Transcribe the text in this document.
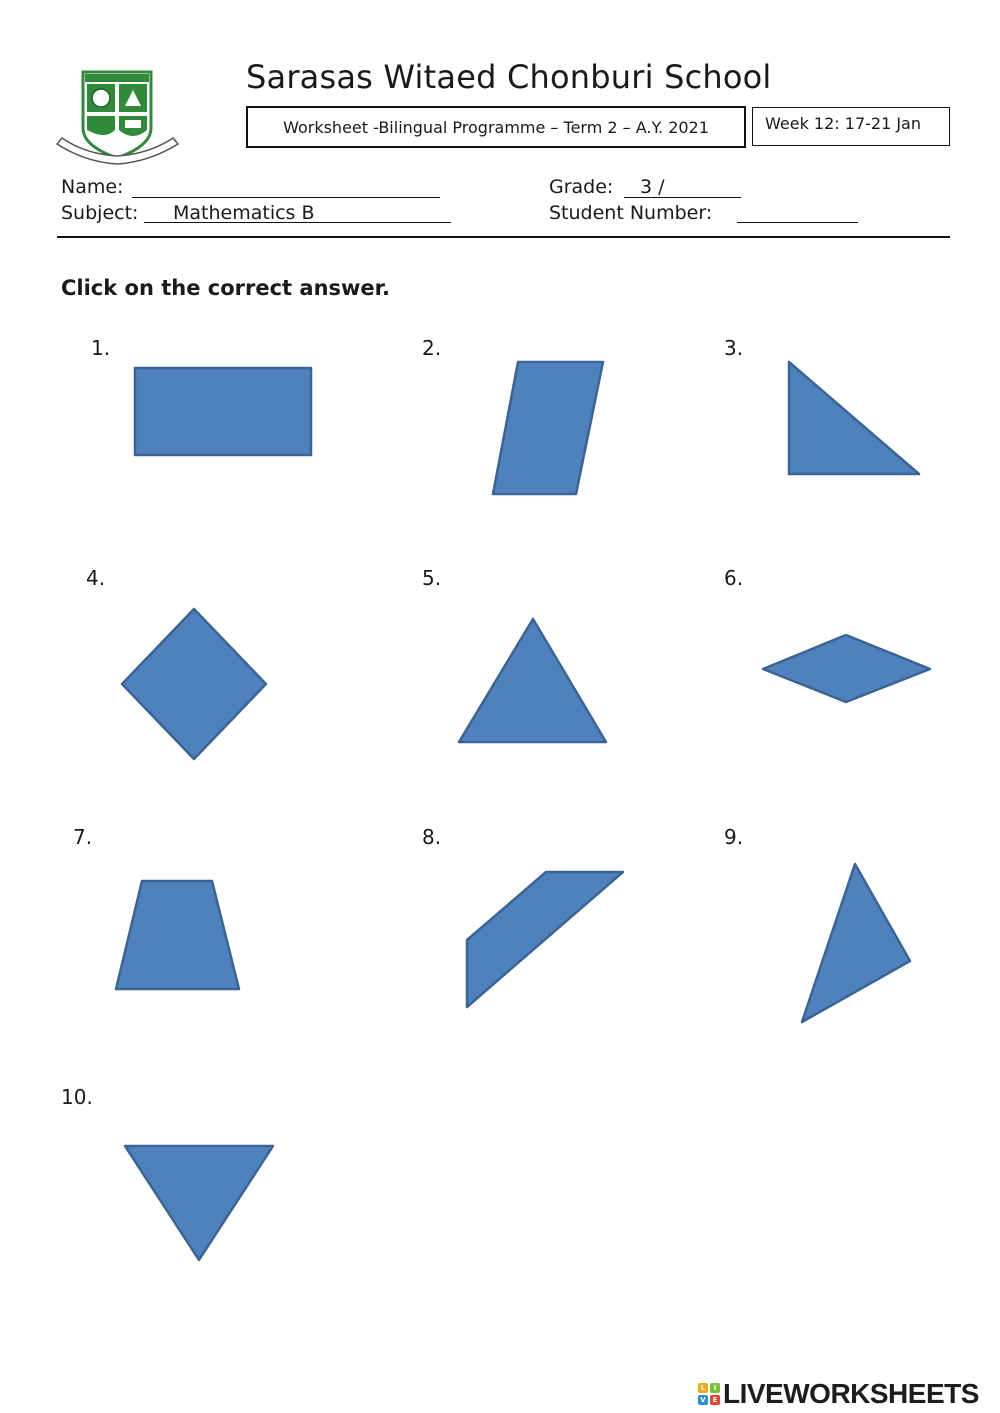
Sarasas Witaed Chonburi School
Worksheet -Bilingual Programme – Term 2 – A.Y. 2021	Week 12: 17-21 Jan
Name:
Subject: Mathematics B
Grade: 3 /
Student Number:
Click on the correct answer.
1.	2.	3.
4.	5.	6.
7.	8.	9.
10.
L	I
V E LIVEWORKSHEETS
